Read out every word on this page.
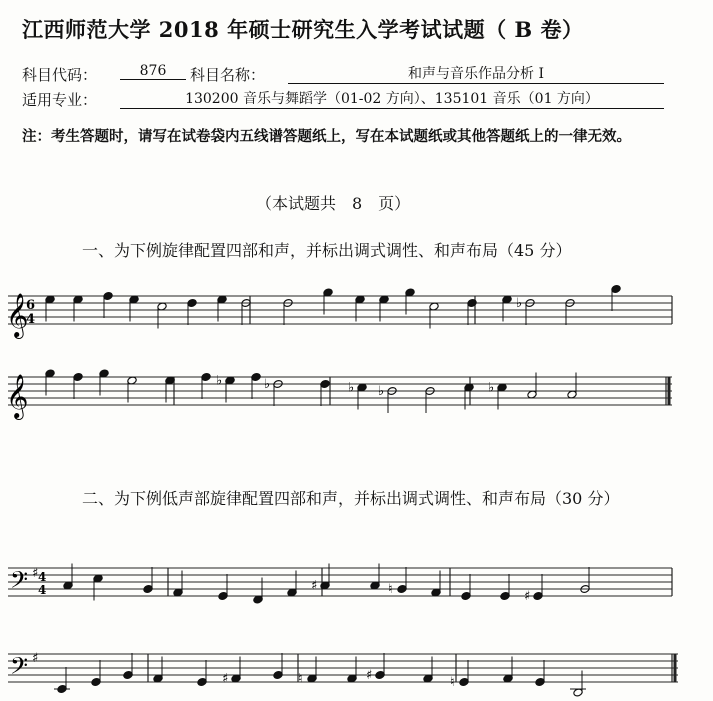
江西师范大学 2018 年硕士研究生入学考试试题（ B 卷）
科目代码：	876	科目名称：	和声与音乐作品分析 I
适用专业：	130200 音乐与舞蹈学（01-02 方向）、135101 音乐（01 方向）
注：考生答题时，请写在试卷袋内五线谱答题纸上，写在本试题纸或其他答题纸上的一律无效。
（本试题共　8　页）
一、为下例旋律配置四部和声，并标出调式调性、和声布局（45 分）
二、为下例低声部旋律配置四部和声，并标出调式调性、和声布局（30 分）
𝄞
6
4
𝄞
𝄢 ♯ 4
4
𝄢 ♯
♭
♭	♭	♭ ♭	♭
♯	♮	♯
♯	♮	♯	♮
